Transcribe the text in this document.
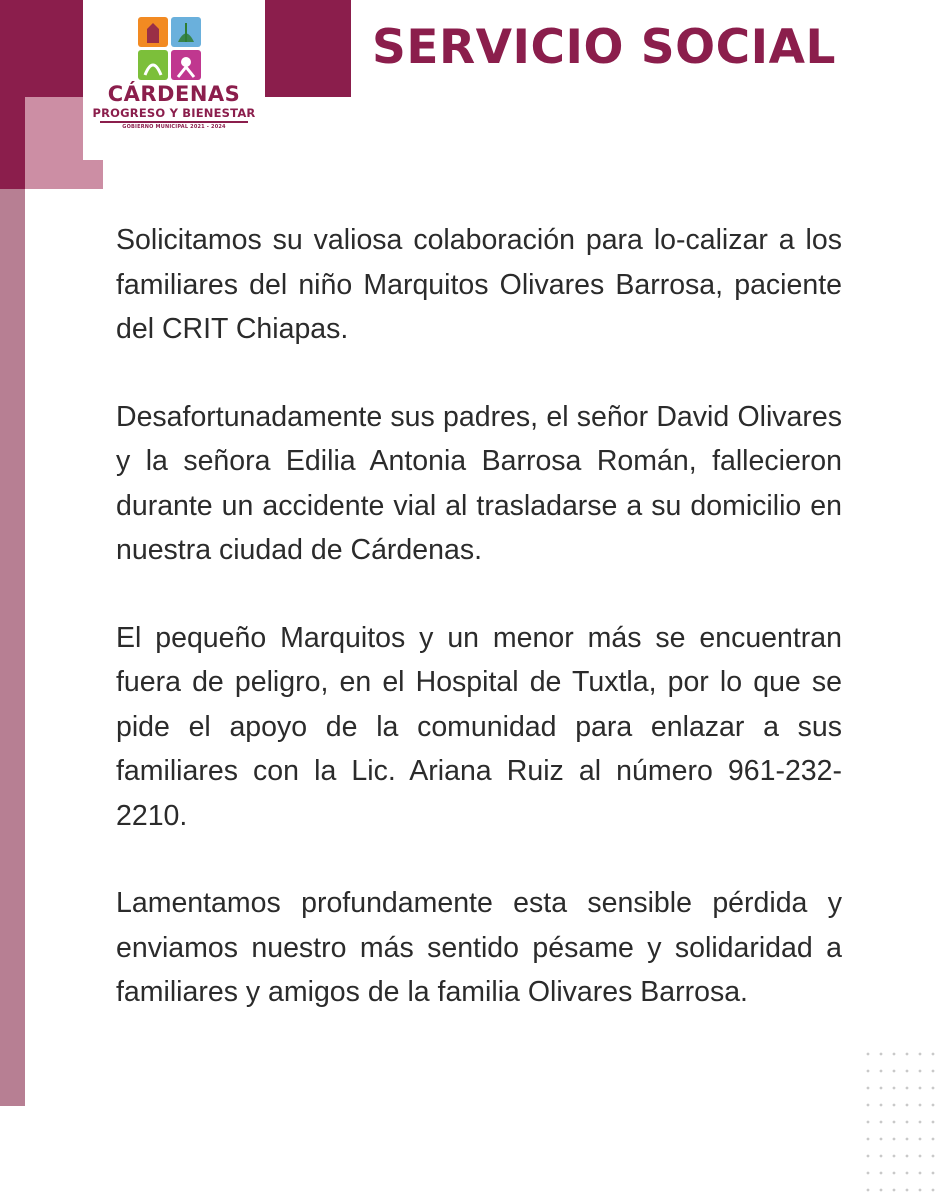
CÁRDENAS
PROGRESO Y BIENESTAR
GOBIERNO MUNICIPAL 2021 - 2024
SERVICIO SOCIAL

Solicitamos su valiosa colaboración para lo-calizar a los familiares del niño Marquitos Olivares Barrosa, paciente del CRIT Chiapas.

Desafortunadamente sus padres, el señor David Olivares y la señora Edilia Antonia Barrosa Román, fallecieron durante un accidente vial al trasladarse a su domicilio en nuestra ciudad de Cárdenas.

El pequeño Marquitos y un menor más se encuentran fuera de peligro, en el Hospital de Tuxtla, por lo que se pide el apoyo de la comunidad para enlazar a sus familiares con la Lic. Ariana Ruiz al número 961-232-2210.

Lamentamos profundamente esta sensible pérdida y enviamos nuestro más sentido pésame y solidaridad a familiares y amigos de la familia Olivares Barrosa.
